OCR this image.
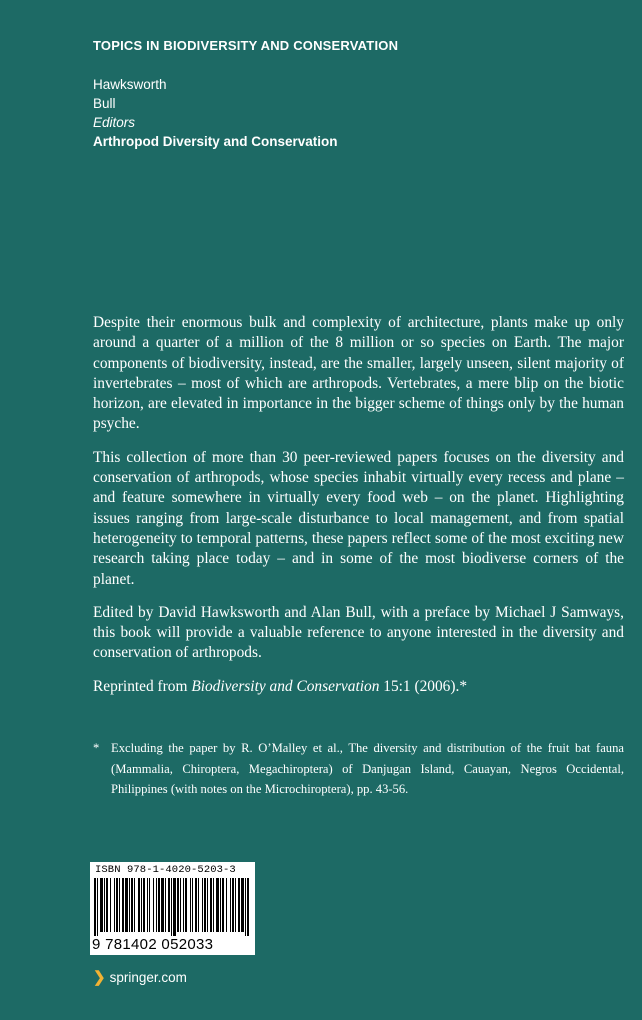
TOPICS IN BIODIVERSITY AND CONSERVATION
Hawksworth
Bull
Editors
Arthropod Diversity and Conservation

Despite their enormous bulk and complexity of architecture, plants make up only around a quarter of a million of the 8 million or so species on Earth. The major components of biodiversity, instead, are the smaller, largely unseen, silent majority of invertebrates – most of which are arthropods. Vertebrates, a mere blip on the biotic horizon, are elevated in importance in the bigger scheme of things only by the human psyche.

This collection of more than 30 peer-reviewed papers focuses on the diversity and conservation of arthropods, whose species inhabit virtually every recess and plane – and feature somewhere in virtually every food web – on the planet. Highlighting issues ranging from large-scale disturbance to local management, and from spatial heterogeneity to temporal patterns, these papers reflect some of the most exciting new research taking place today – and in some of the most biodiverse corners of the planet.

Edited by David Hawksworth and Alan Bull, with a preface by Michael J Samways, this book will provide a valuable reference to anyone interested in the diversity and conservation of arthropods.

Reprinted from Biodiversity and Conservation 15:1 (2006).*

* Excluding the paper by R. O’Malley et al., The diversity and distribution of the fruit bat fauna (Mammalia, Chiroptera, Megachiroptera) of Danjugan Island, Cauayan, Negros Occidental, Philippines (with notes on the Microchiroptera), pp. 43-56.
ISBN 978-1-4020-5203-3
9 781402 052033
❯ springer.com
